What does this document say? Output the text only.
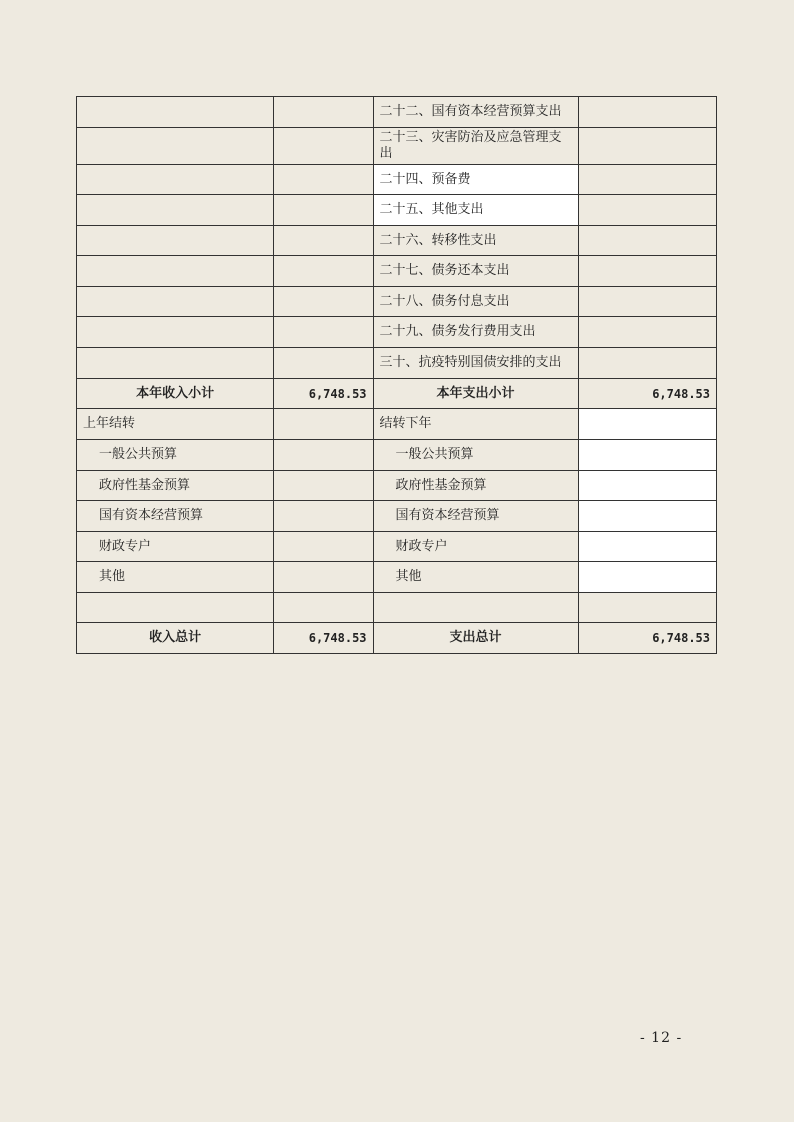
		二十二、国有资本经营预算支出	
		二十三、灾害防治及应急管理支出	
		二十四、预备费	
		二十五、其他支出	
		二十六、转移性支出	
		二十七、债务还本支出	
		二十八、债务付息支出	
		二十九、债务发行费用支出	
		三十、抗疫特别国债安排的支出	
本年收入小计	6,748.53	本年支出小计	6,748.53
上年结转		结转下年	
一般公共预算		一般公共预算	
政府性基金预算		政府性基金预算	
国有资本经营预算		国有资本经营预算	
财政专户		财政专户	
其他		其他	

收入总计	6,748.53	支出总计	6,748.53
- 12 -
